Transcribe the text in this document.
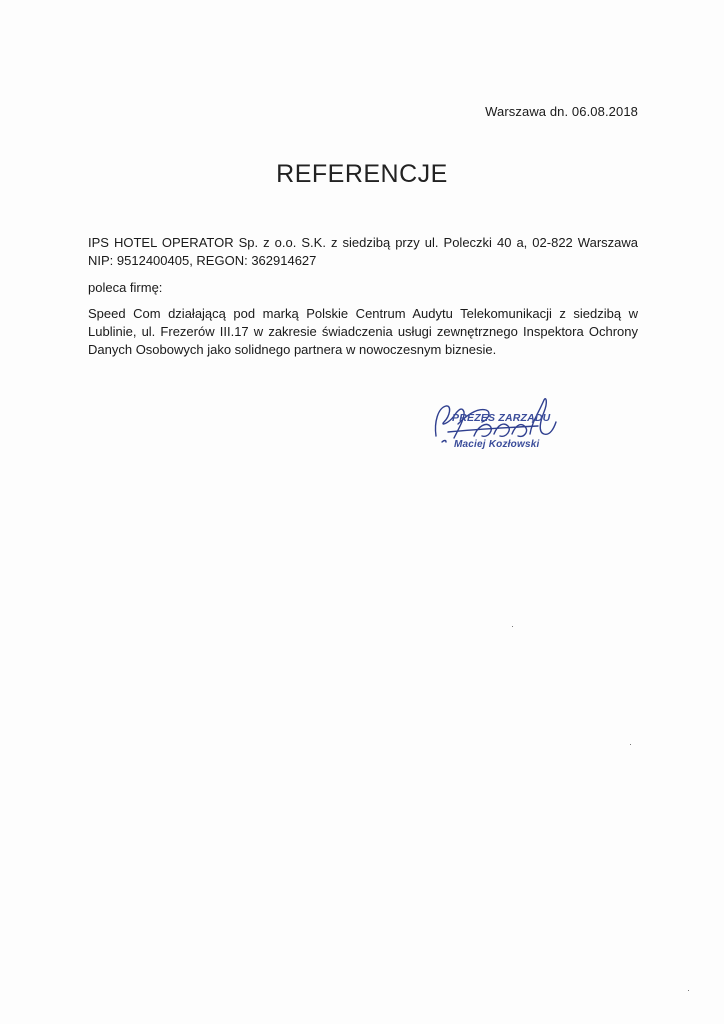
Warszawa dn. 06.08.2018
REFERENCJE
IPS HOTEL OPERATOR Sp. z o.o. S.K. z siedzibą przy ul. Poleczki 40 a, 02-822 Warszawa NIP: 9512400405, REGON: 362914627
poleca firmę:
Speed Com działającą pod marką Polskie Centrum Audytu Telekomunikacji z siedzibą w Lublinie, ul. Frezerów III.17 w zakresie świadczenia usługi zewnętrznego Inspektora Ochrony Danych Osobowych jako solidnego partnera w nowoczesnym biznesie.
PREZES ZARZĄDU
Maciej Kozłowski
